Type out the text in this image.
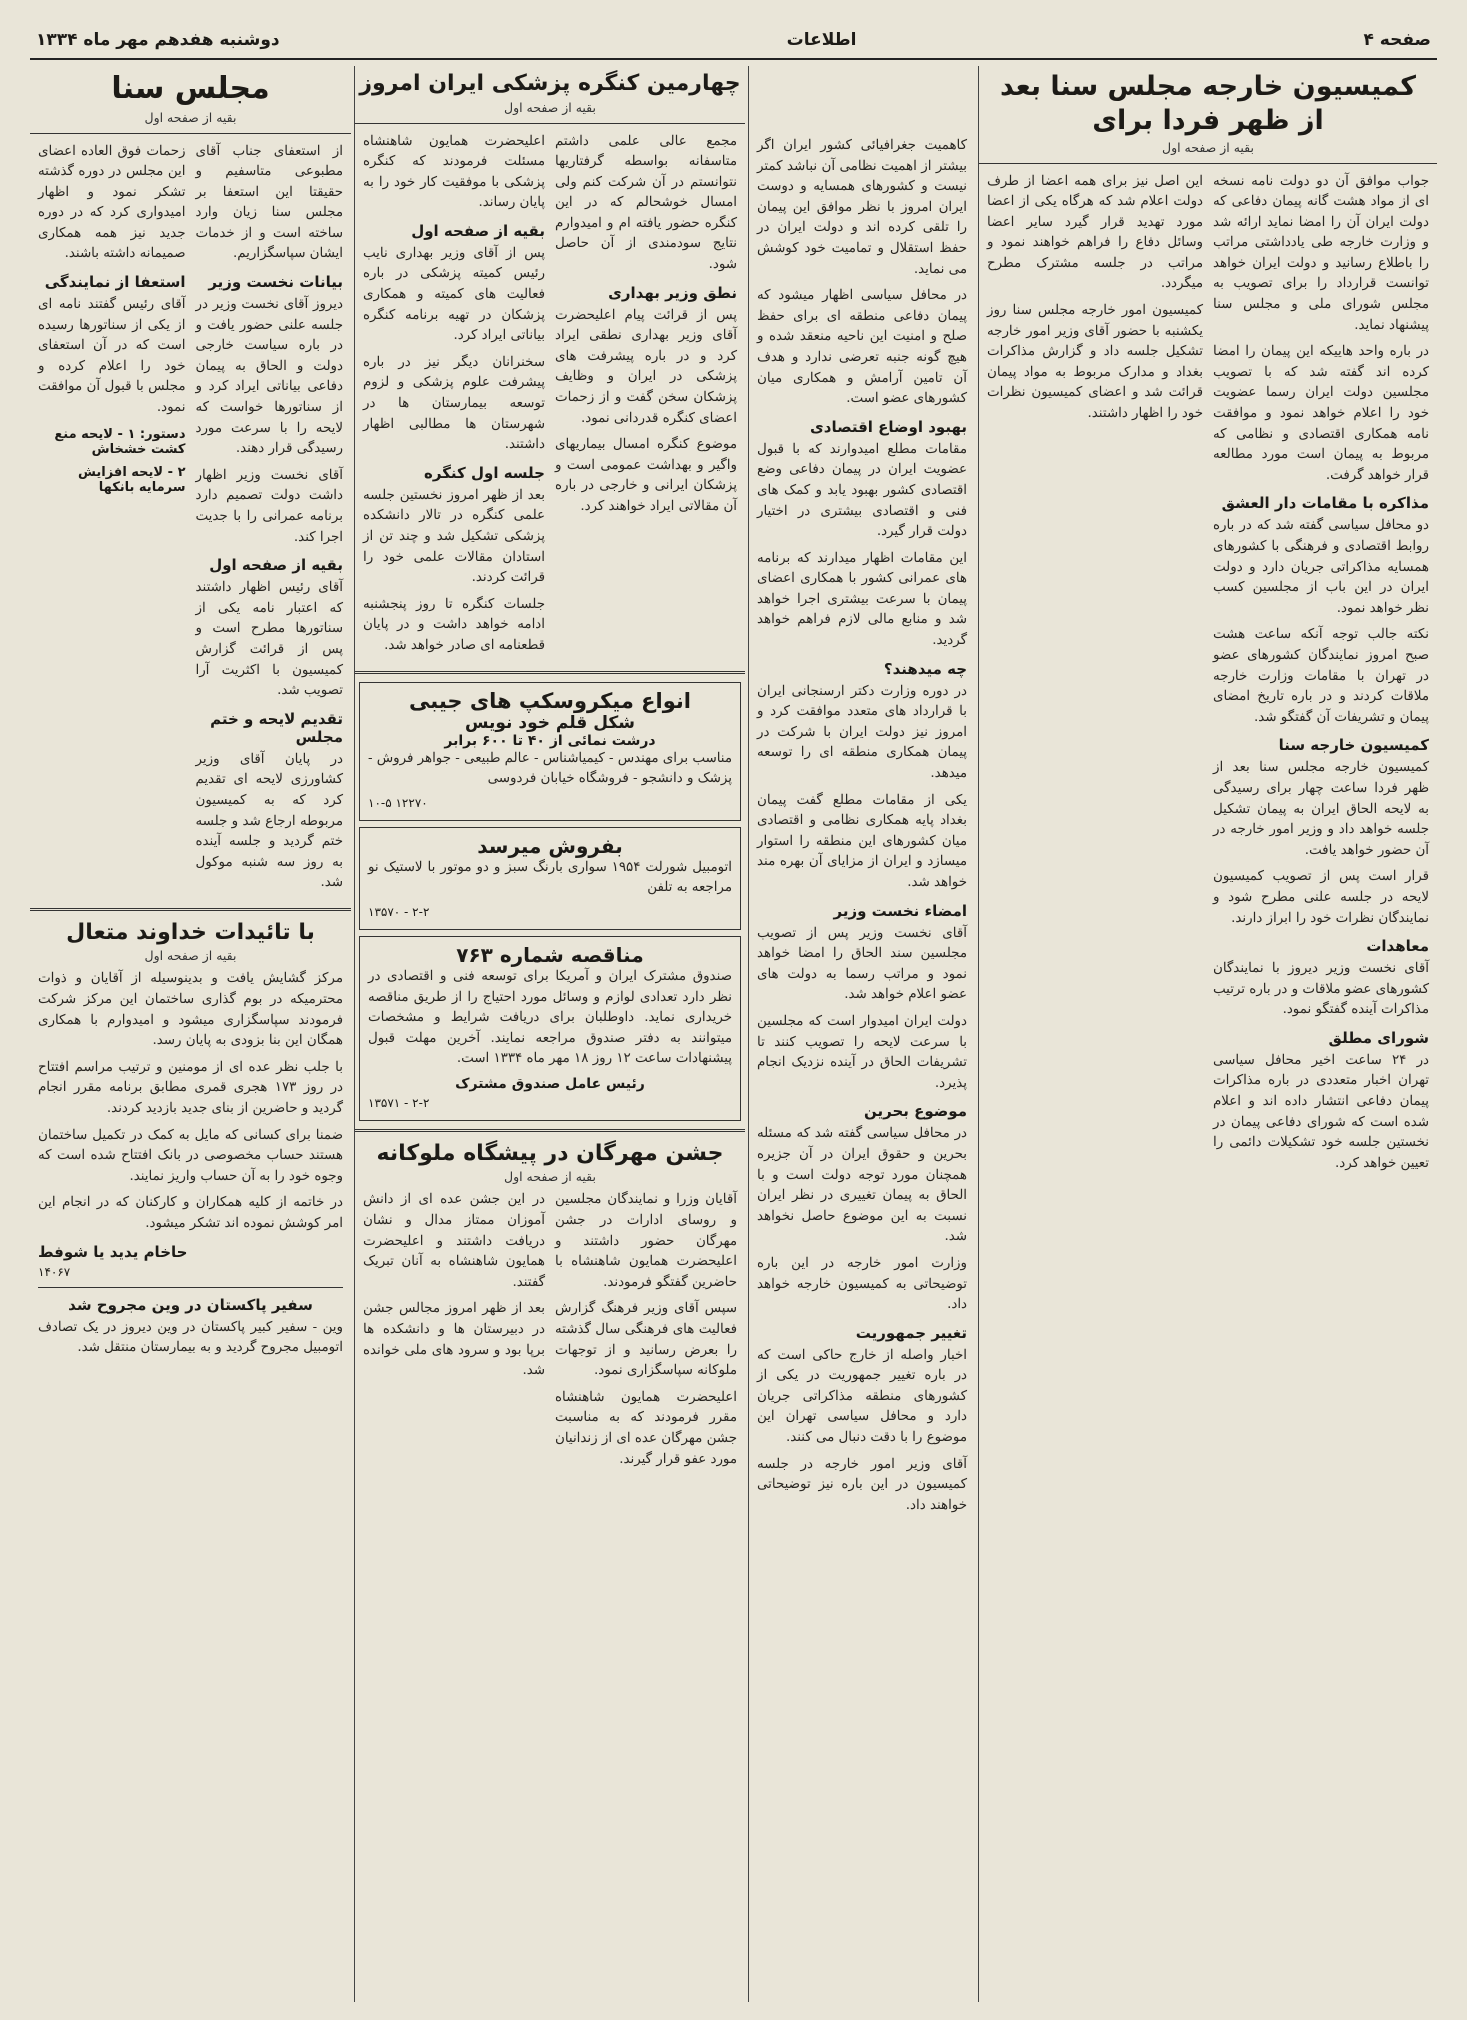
صفحه ۴
اطلاعات
دوشنبه هفدهم مهر ماه ۱۳۳۴
کمیسیون خارجه مجلس سنا بعد از ظهر فردا برای
بقیه از صفحه اول

جواب موافق آن دو دولت نامه نسخه ای از مواد هشت گانه پیمان دفاعی که دولت ایران آن را امضا نماید ارائه شد و وزارت خارجه طی یادداشتی مراتب را باطلاع رسانید و دولت ایران خواهد توانست قرارداد را برای تصویب به مجلس شورای ملی و مجلس سنا پیشنهاد نماید.

در باره واحد هاییکه این پیمان را امضا کرده اند گفته شد که با تصویب مجلسین دولت ایران رسما عضویت خود را اعلام خواهد نمود و موافقت نامه همکاری اقتصادی و نظامی که مربوط به پیمان است مورد مطالعه قرار خواهد گرفت.

مذاکره با مقامات دار العشق

دو محافل سیاسی گفته شد که در باره روابط اقتصادی و فرهنگی با کشورهای همسایه مذاکراتی جریان دارد و دولت ایران در این باب از مجلسین کسب نظر خواهد نمود.

نکته جالب توجه آنکه ساعت هشت صبح امروز نمایندگان کشورهای عضو در تهران با مقامات وزارت خارجه ملاقات کردند و در باره تاریخ امضای پیمان و تشریفات آن گفتگو شد.

کمیسیون خارجه سنا

کمیسیون خارجه مجلس سنا بعد از ظهر فردا ساعت چهار برای رسیدگی به لایحه الحاق ایران به پیمان تشکیل جلسه خواهد داد و وزیر امور خارجه در آن حضور خواهد یافت.

قرار است پس از تصویب کمیسیون لایحه در جلسه علنی مطرح شود و نمایندگان نظرات خود را ابراز دارند.

معاهدات

آقای نخست وزیر دیروز با نمایندگان کشورهای عضو ملاقات و در باره ترتیب مذاکرات آینده گفتگو نمود.

شورای مطلق

در ۲۴ ساعت اخیر محافل سیاسی تهران اخبار متعددی در باره مذاکرات پیمان دفاعی انتشار داده اند و اعلام شده است که شورای دفاعی پیمان در نخستین جلسه خود تشکیلات دائمی را تعیین خواهد کرد.

این اصل نیز برای همه اعضا از طرف دولت اعلام شد که هرگاه یکی از اعضا مورد تهدید قرار گیرد سایر اعضا وسائل دفاع را فراهم خواهند نمود و مراتب در جلسه مشترک مطرح میگردد.

کمیسیون امور خارجه مجلس سنا روز یکشنبه با حضور آقای وزیر امور خارجه تشکیل جلسه داد و گزارش مذاکرات بغداد و مدارک مربوط به مواد پیمان قرائت شد و اعضای کمیسیون نظرات خود را اظهار داشتند.

کاهمیت جغرافیائی کشور ایران اگر بیشتر از اهمیت نظامی آن نباشد کمتر نیست و کشورهای همسایه و دوست ایران امروز با نظر موافق این پیمان را تلقی کرده اند و دولت ایران در حفظ استقلال و تمامیت خود کوشش می نماید.

در محافل سیاسی اظهار میشود که پیمان دفاعی منطقه ای برای حفظ صلح و امنیت این ناحیه منعقد شده و هیچ گونه جنبه تعرضی ندارد و هدف آن تامین آرامش و همکاری میان کشورهای عضو است.

بهبود اوضاع اقتصادی

مقامات مطلع امیدوارند که با قبول عضویت ایران در پیمان دفاعی وضع اقتصادی کشور بهبود یابد و کمک های فنی و اقتصادی بیشتری در اختیار دولت قرار گیرد.

این مقامات اظهار میدارند که برنامه های عمرانی کشور با همکاری اعضای پیمان با سرعت بیشتری اجرا خواهد شد و منابع مالی لازم فراهم خواهد گردید.

چه میدهند؟

در دوره وزارت دکتر ارسنجانی ایران با قرارداد های متعدد موافقت کرد و امروز نیز دولت ایران با شرکت در پیمان همکاری منطقه ای را توسعه میدهد.

یکی از مقامات مطلع گفت پیمان بغداد پایه همکاری نظامی و اقتصادی میان کشورهای این منطقه را استوار میسازد و ایران از مزایای آن بهره مند خواهد شد.

امضاء نخست وزیر

آقای نخست وزیر پس از تصویب مجلسین سند الحاق را امضا خواهد نمود و مراتب رسما به دولت های عضو اعلام خواهد شد.

دولت ایران امیدوار است که مجلسین با سرعت لایحه را تصویب کنند تا تشریفات الحاق در آینده نزدیک انجام پذیرد.

موضوع بحرین

در محافل سیاسی گفته شد که مسئله بحرین و حقوق ایران در آن جزیره همچنان مورد توجه دولت است و با الحاق به پیمان تغییری در نظر ایران نسبت به این موضوع حاصل نخواهد شد.

وزارت امور خارجه در این باره توضیحاتی به کمیسیون خارجه خواهد داد.

تغییر جمهوریت

اخبار واصله از خارج حاکی است که در باره تغییر جمهوریت در یکی از کشورهای منطقه مذاکراتی جریان دارد و محافل سیاسی تهران این موضوع را با دقت دنبال می کنند.

آقای وزیر امور خارجه در جلسه کمیسیون در این باره نیز توضیحاتی خواهند داد.

چهارمین کنگره پزشکی ایران امروز
بقیه از صفحه اول

مجمع عالی علمی داشتم متاسفانه بواسطه گرفتاریها نتوانستم در آن شرکت کنم ولی امسال خوشحالم که در این کنگره حضور یافته ام و امیدوارم نتایج سودمندی از آن حاصل شود.

نطق وزیر بهداری

پس از قرائت پیام اعلیحضرت آقای وزیر بهداری نطقی ایراد کرد و در باره پیشرفت های پزشکی در ایران و وظایف پزشکان سخن گفت و از زحمات اعضای کنگره قدردانی نمود.

موضوع کنگره امسال بیماریهای واگیر و بهداشت عمومی است و پزشکان ایرانی و خارجی در باره آن مقالاتی ایراد خواهند کرد.

اعلیحضرت همایون شاهنشاه مسئلت فرمودند که کنگره پزشکی با موفقیت کار خود را به پایان رساند.

بقیه از صفحه اول

پس از آقای وزیر بهداری نایب رئیس کمیته پزشکی در باره فعالیت های کمیته و همکاری پزشکان در تهیه برنامه کنگره بیاناتی ایراد کرد.

سخنرانان دیگر نیز در باره پیشرفت علوم پزشکی و لزوم توسعه بیمارستان ها در شهرستان ها مطالبی اظهار داشتند.

جلسه اول کنگره

بعد از ظهر امروز نخستین جلسه علمی کنگره در تالار دانشکده پزشکی تشکیل شد و چند تن از استادان مقالات علمی خود را قرائت کردند.

جلسات کنگره تا روز پنجشنبه ادامه خواهد داشت و در پایان قطعنامه ای صادر خواهد شد.

انواع میکروسکپ های جیبی
شکل قلم خود نویس
درشت نمائی از ۴۰ تا ۶۰۰ برابر

مناسب برای مهندس - کیمیاشناس - عالم طبیعی - جواهر فروش - پزشک و دانشجو - فروشگاه خیابان فردوسی

۱۰-۵ ۱۲۲۷۰
بفروش میرسد

اتومبیل شورلت ۱۹۵۴ سواری بارنگ سبز و دو موتور با لاستیک نو مراجعه به تلفن

۱۳۵۷۰ - ۲-۲
مناقصه شماره ۷۶۳

صندوق مشترک ایران و آمریکا برای توسعه فنی و اقتصادی در نظر دارد تعدادی لوازم و وسائل مورد احتیاج را از طریق مناقصه خریداری نماید. داوطلبان برای دریافت شرایط و مشخصات میتوانند به دفتر صندوق مراجعه نمایند. آخرین مهلت قبول پیشنهادات ساعت ۱۲ روز ۱۸ مهر ماه ۱۳۳۴ است.

رئیس عامل صندوق مشترک
۱۳۵۷۱ - ۲-۲
جشن مهرگان در پیشگاه ملوکانه
بقیه از صفحه اول

آقایان وزرا و نمایندگان مجلسین و روسای ادارات در جشن مهرگان حضور داشتند و اعلیحضرت همایون شاهنشاه با حاضرین گفتگو فرمودند.

سپس آقای وزیر فرهنگ گزارش فعالیت های فرهنگی سال گذشته را بعرض رسانید و از توجهات ملوکانه سپاسگزاری نمود.

اعلیحضرت همایون شاهنشاه مقرر فرمودند که به مناسبت جشن مهرگان عده ای از زندانیان مورد عفو قرار گیرند.

در این جشن عده ای از دانش آموزان ممتاز مدال و نشان دریافت داشتند و اعلیحضرت همایون شاهنشاه به آنان تبریک گفتند.

بعد از ظهر امروز مجالس جشن در دبیرستان ها و دانشکده ها برپا بود و سرود های ملی خوانده شد.

مجلس سنا
بقیه از صفحه اول

از استعفای جناب آقای مطبوعی متاسفیم و حقیقتا این استعفا بر مجلس سنا زیان وارد ساخته است و از خدمات ایشان سپاسگزاریم.

بیانات نخست وزیر

دیروز آقای نخست وزیر در جلسه علنی حضور یافت و در باره سیاست خارجی دولت و الحاق به پیمان دفاعی بیاناتی ایراد کرد و از سناتورها خواست که لایحه را با سرعت مورد رسیدگی قرار دهند.

آقای نخست وزیر اظهار داشت دولت تصمیم دارد برنامه عمرانی را با جدیت اجرا کند.

بقیه از صفحه اول

آقای رئیس اظهار داشتند که اعتبار نامه یکی از سناتورها مطرح است و پس از قرائت گزارش کمیسیون با اکثریت آرا تصویب شد.

تقدیم لایحه و ختم مجلس

در پایان آقای وزیر کشاورزی لایحه ای تقدیم کرد که به کمیسیون مربوطه ارجاع شد و جلسه ختم گردید و جلسه آینده به روز سه شنبه موکول شد.

زحمات فوق العاده اعضای این مجلس در دوره گذشته تشکر نمود و اظهار امیدواری کرد که در دوره جدید نیز همه همکاری صمیمانه داشته باشند.

استعفا از نمایندگی

آقای رئیس گفتند نامه ای از یکی از سناتورها رسیده است که در آن استعفای خود را اعلام کرده و مجلس با قبول آن موافقت نمود.

دستور: ۱ - لایحه منع کشت خشخاش
۲ - لایحه افزایش سرمایه بانکها
با تائیدات خداوند متعال
بقیه از صفحه اول

مرکز گشایش یافت و بدینوسیله از آقایان و ذوات محترمیکه در بوم گذاری ساختمان این مرکز شرکت فرمودند سپاسگزاری میشود و امیدوارم با همکاری همگان این بنا بزودی به پایان رسد.

با جلب نظر عده ای از مومنین و ترتیب مراسم افتتاح در روز ۱۷۳ هجری قمری مطابق برنامه مقرر انجام گردید و حاضرین از بنای جدید بازدید کردند.

ضمنا برای کسانی که مایل به کمک در تکمیل ساختمان هستند حساب مخصوصی در بانک افتتاح شده است که وجوه خود را به آن حساب واریز نمایند.

در خاتمه از کلیه همکاران و کارکنان که در انجام این امر کوشش نموده اند تشکر میشود.

حاخام یدید یا شوفط
۱۴۰۶۷
سفیر پاکستان در وین مجروح شد

وین - سفیر کبیر پاکستان در وین دیروز در یک تصادف اتومبیل مجروح گردید و به بیمارستان منتقل شد.
